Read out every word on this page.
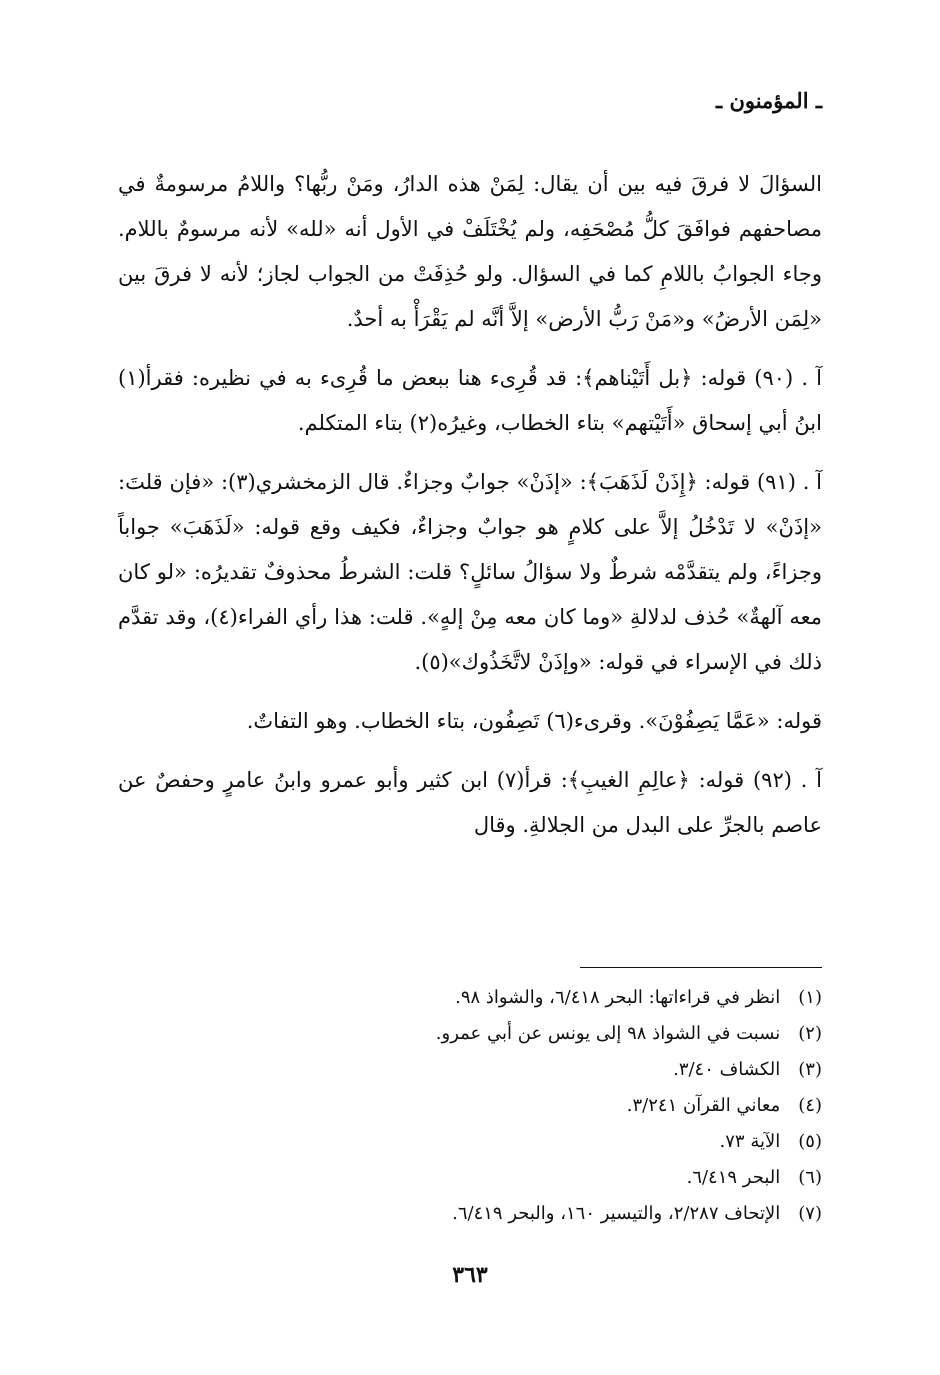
ـ المؤمنون ـ

السؤالَ لا فرقَ فيه بين أن يقال: لِمَنْ هذه الدارُ، ومَنْ ربُّها؟ واللامُ مرسومةٌ في مصاحفهم فوافَقَ كلُّ مُصْحَفِه، ولم يُخْتَلَفْ في الأول أنه «لله» لأنه مرسومٌ باللام. وجاء الجوابُ باللامِ كما في السؤال. ولو حُذِفَتْ من الجواب لجاز؛ لأنه لا فرقَ بين «لِمَن الأرضُ» و«مَنْ رَبُّ الأرض» إلاَّ أنَّه لم يَقْرَأْ به أحدٌ.

آ . (٩٠) قوله: ﴿بل أَتَيْناهم﴾: قد قُرِىء هنا ببعض ما قُرِىء به في نظيره: فقرأ(١) ابنُ أبي إسحاق «أَتَيْتهم» بتاء الخطاب، وغيرُه(٢) بتاء المتكلم.

آ . (٩١) قوله: ﴿إِذَنْ لَذَهَبَ﴾: «إذَنْ» جوابٌ وجزاءٌ. قال الزمخشري(٣): «فإن قلتَ: «إذَنْ» لا تَدْخُلُ إلاَّ على كلامٍ هو جوابٌ وجزاءٌ، فكيف وقع قوله: «لَذَهَبَ» جواباً وجزاءً، ولم يتقدَّمْه شرطٌ ولا سؤالُ سائلٍ؟ قلت: الشرطُ محذوفٌ تقديرُه: «لو كان معه آلهةٌ» حُذف لدلالةِ «وما كان معه مِنْ إلهٍ». قلت: هذا رأي الفراء(٤)، وقد تقدَّم ذلك في الإسراء في قوله: «وإذَنْ لاتَّخَذُوك»(٥).

قوله: «عَمَّا يَصِفُوْنَ». وقرىء(٦) تَصِفُون، بتاء الخطاب. وهو التفاتٌ.

آ . (٩٢) قوله: ﴿عالِمِ الغيبِ﴾: قرأ(٧) ابن كثير وأبو عمرو وابنُ عامرٍ وحفصٌ عن عاصم بالجرِّ على البدل من الجلالةِ. وقال

(١)
انظر في قراءاتها: البحر ٦/٤١٨، والشواذ ٩٨.
(٢)
نسبت في الشواذ ٩٨ إلى يونس عن أبي عمرو.
(٣)
الكشاف ٣/٤٠.
(٤)
معاني القرآن ٣/٢٤١.
(٥)
الآية ٧٣.
(٦)
البحر ٦/٤١٩.
(٧)
الإتحاف ٢/٢٨٧، والتيسير ١٦٠، والبحر ٦/٤١٩.
٣٦٣
